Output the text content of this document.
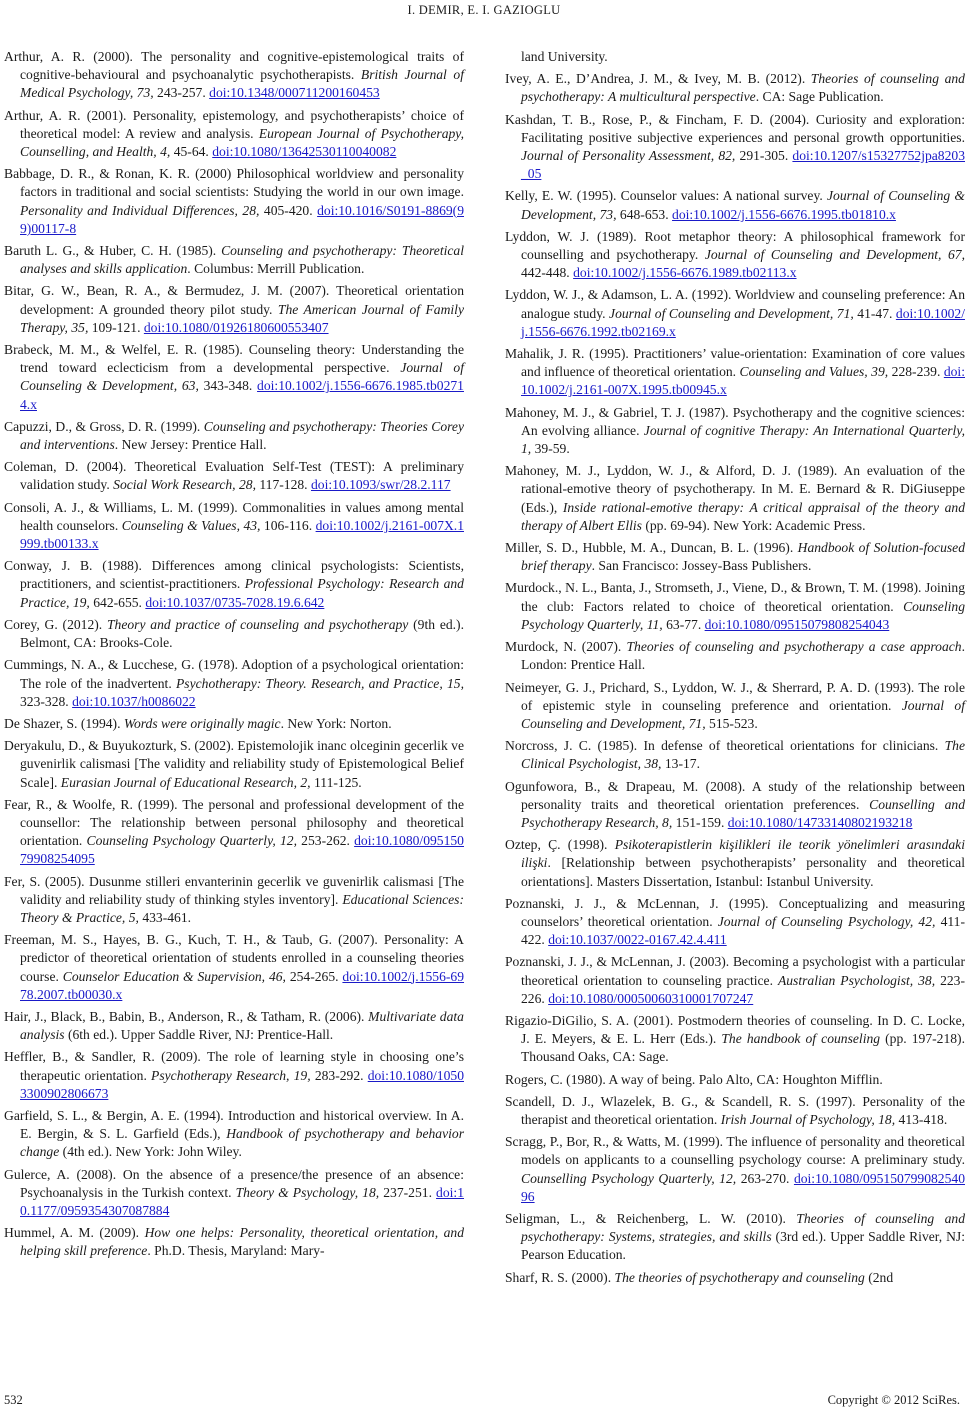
I. DEMIR, E. I. GAZIOGLU

Arthur, A. R. (2000). The personality and cognitive-epistemological traits of cognitive-behavioural and psychoanalytic psychotherapists. British Journal of Medical Psychology, 73, 243-257. doi:10.1348/000711200160453

Arthur, A. R. (2001). Personality, epistemology, and psychotherapists’ choice of theoretical model: A review and analysis. European Journal of Psychotherapy, Counselling, and Health, 4, 45-64. doi:10.1080/13642530110040082

Babbage, D. R., & Ronan, K. R. (2000) Philosophical worldview and personality factors in traditional and social scientists: Studying the world in our own image. Personality and Individual Differences, 28, 405-420. doi:10.1016/S0191-8869(99)00117-8

Baruth L. G., & Huber, C. H. (1985). Counseling and psychotherapy: Theoretical analyses and skills application. Columbus: Merrill Publication.

Bitar, G. W., Bean, R. A., & Bermudez, J. M. (2007). Theoretical orientation development: A grounded theory pilot study. The American Journal of Family Therapy, 35, 109-121. doi:10.1080/01926180600553407

Brabeck, M. M., & Welfel, E. R. (1985). Counseling theory: Understanding the trend toward eclecticism from a developmental perspective. Journal of Counseling & Development, 63, 343-348. doi:10.1002/j.1556-6676.1985.tb02714.x

Capuzzi, D., & Gross, D. R. (1999). Counseling and psychotherapy: Theories Corey and interventions. New Jersey: Prentice Hall.

Coleman, D. (2004). Theoretical Evaluation Self-Test (TEST): A preliminary validation study. Social Work Research, 28, 117-128. doi:10.1093/swr/28.2.117

Consoli, A. J., & Williams, L. M. (1999). Commonalities in values among mental health counselors. Counseling & Values, 43, 106-116. doi:10.1002/j.2161-007X.1999.tb00133.x

Conway, J. B. (1988). Differences among clinical psychologists: Scientists, practitioners, and scientist-practitioners. Professional Psychology: Research and Practice, 19, 642-655. doi:10.1037/0735-7028.19.6.642

Corey, G. (2012). Theory and practice of counseling and psychotherapy (9th ed.). Belmont, CA: Brooks-Cole.

Cummings, N. A., & Lucchese, G. (1978). Adoption of a psychological orientation: The role of the inadvertent. Psychotherapy: Theory. Research, and Practice, 15, 323-328. doi:10.1037/h0086022

De Shazer, S. (1994). Words were originally magic. New York: Norton.

Deryakulu, D., & Buyukozturk, S. (2002). Epistemolojik inanc olceginin gecerlik ve guvenirlik calismasi [The validity and reliability study of Epistemological Belief Scale]. Eurasian Journal of Educational Research, 2, 111-125.

Fear, R., & Woolfe, R. (1999). The personal and professional development of the counsellor: The relationship between personal philosophy and theoretical orientation. Counseling Psychology Quarterly, 12, 253-262. doi:10.1080/09515079908254095

Fer, S. (2005). Dusunme stilleri envanterinin gecerlik ve guvenirlik calismasi [The validity and reliability study of thinking styles inventory]. Educational Sciences: Theory & Practice, 5, 433-461.

Freeman, M. S., Hayes, B. G., Kuch, T. H., & Taub, G. (2007). Personality: A predictor of theoretical orientation of students enrolled in a counseling theories course. Counselor Education & Supervision, 46, 254-265. doi:10.1002/j.1556-6978.2007.tb00030.x

Hair, J., Black, B., Babin, B., Anderson, R., & Tatham, R. (2006). Multivariate data analysis (6th ed.). Upper Saddle River, NJ: Prentice-Hall.

Heffler, B., & Sandler, R. (2009). The role of learning style in choosing one’s therapeutic orientation. Psychotherapy Research, 19, 283-292. doi:10.1080/10503300902806673

Garfield, S. L., & Bergin, A. E. (1994). Introduction and historical overview. In A. E. Bergin, & S. L. Garfield (Eds.), Handbook of psychotherapy and behavior change (4th ed.). New York: John Wiley.

Gulerce, A. (2008). On the absence of a presence/the presence of an absence: Psychoanalysis in the Turkish context. Theory & Psychology, 18, 237-251. doi:10.1177/0959354307087884

Hummel, A. M. (2009). How one helps: Personality, theoretical orientation, and helping skill preference. Ph.D. Thesis, Maryland: Mary-

land University.

Ivey, A. E., D’Andrea, J. M., & Ivey, M. B. (2012). Theories of counseling and psychotherapy: A multicultural perspective. CA: Sage Publication.

Kashdan, T. B., Rose, P., & Fincham, F. D. (2004). Curiosity and exploration: Facilitating positive subjective experiences and personal growth opportunities. Journal of Personality Assessment, 82, 291-305. doi:10.1207/s15327752jpa8203_05

Kelly, E. W. (1995). Counselor values: A national survey. Journal of Counseling & Development, 73, 648-653. doi:10.1002/j.1556-6676.1995.tb01810.x

Lyddon, W. J. (1989). Root metaphor theory: A philosophical framework for counselling and psychotherapy. Journal of Counseling and Development, 67, 442-448. doi:10.1002/j.1556-6676.1989.tb02113.x

Lyddon, W. J., & Adamson, L. A. (1992). Worldview and counseling preference: An analogue study. Journal of Counseling and Development, 71, 41-47. doi:10.1002/j.1556-6676.1992.tb02169.x

Mahalik, J. R. (1995). Practitioners’ value-orientation: Examination of core values and influence of theoretical orientation. Counseling and Values, 39, 228-239. doi:10.1002/j.2161-007X.1995.tb00945.x

Mahoney, M. J., & Gabriel, T. J. (1987). Psychotherapy and the cognitive sciences: An evolving alliance. Journal of cognitive Therapy: An International Quarterly, 1, 39-59.

Mahoney, M. J., Lyddon, W. J., & Alford, D. J. (1989). An evaluation of the rational-emotive theory of psychotherapy. In M. E. Bernard & R. DiGiuseppe (Eds.), Inside rational-emotive therapy: A critical appraisal of the theory and therapy of Albert Ellis (pp. 69-94). New York: Academic Press.

Miller, S. D., Hubble, M. A., Duncan, B. L. (1996). Handbook of Solution-focused brief therapy. San Francisco: Jossey-Bass Publishers.

Murdock., N. L., Banta, J., Stromseth, J., Viene, D., & Brown, T. M. (1998). Joining the club: Factors related to choice of theoretical orientation. Counseling Psychology Quarterly, 11, 63-77. doi:10.1080/09515079808254043

Murdock, N. (2007). Theories of counseling and psychotherapy a case approach. London: Prentice Hall.

Neimeyer, G. J., Prichard, S., Lyddon, W. J., & Sherrard, P. A. D. (1993). The role of epistemic style in counseling preference and orientation. Journal of Counseling and Development, 71, 515-523.

Norcross, J. C. (1985). In defense of theoretical orientations for clinicians. The Clinical Psychologist, 38, 13-17.

Ogunfowora, B., & Drapeau, M. (2008). A study of the relationship between personality traits and theoretical orientation preferences. Counselling and Psychotherapy Research, 8, 151-159. doi:10.1080/14733140802193218

Oztep, Ç. (1998). Psikoterapistlerin kişilikleri ile teorik yönelimleri arasındaki ilişki. [Relationship between psychotherapists’ personality and theoretical orientations]. Masters Dissertation, Istanbul: Istanbul University.

Poznanski, J. J., & McLennan, J. (1995). Conceptualizing and measuring counselors’ theoretical orientation. Journal of Counseling Psychology, 42, 411-422. doi:10.1037/0022-0167.42.4.411

Poznanski, J. J., & McLennan, J. (2003). Becoming a psychologist with a particular theoretical orientation to counseling practice. Australian Psychologist, 38, 223-226. doi:10.1080/00050060310001707247

Rigazio-DiGilio, S. A. (2001). Postmodern theories of counseling. In D. C. Locke, J. E. Meyers, & E. L. Herr (Eds.). The handbook of counseling (pp. 197-218). Thousand Oaks, CA: Sage.

Rogers, C. (1980). A way of being. Palo Alto, CA: Houghton Mifflin.

Scandell, D. J., Wlazelek, B. G., & Scandell, R. S. (1997). Personality of the therapist and theoretical orientation. Irish Journal of Psychology, 18, 413-418.

Scragg, P., Bor, R., & Watts, M. (1999). The influence of personality and theoretical models on applicants to a counselling psychology course: A preliminary study. Counselling Psychology Quarterly, 12, 263-270. doi:10.1080/09515079908254096

Seligman, L., & Reichenberg, L. W. (2010). Theories of counseling and psychotherapy: Systems, strategies, and skills (3rd ed.). Upper Saddle River, NJ: Pearson Education.

Sharf, R. S. (2000). The theories of psychotherapy and counseling (2nd

532	Copyright © 2012 SciRes.
